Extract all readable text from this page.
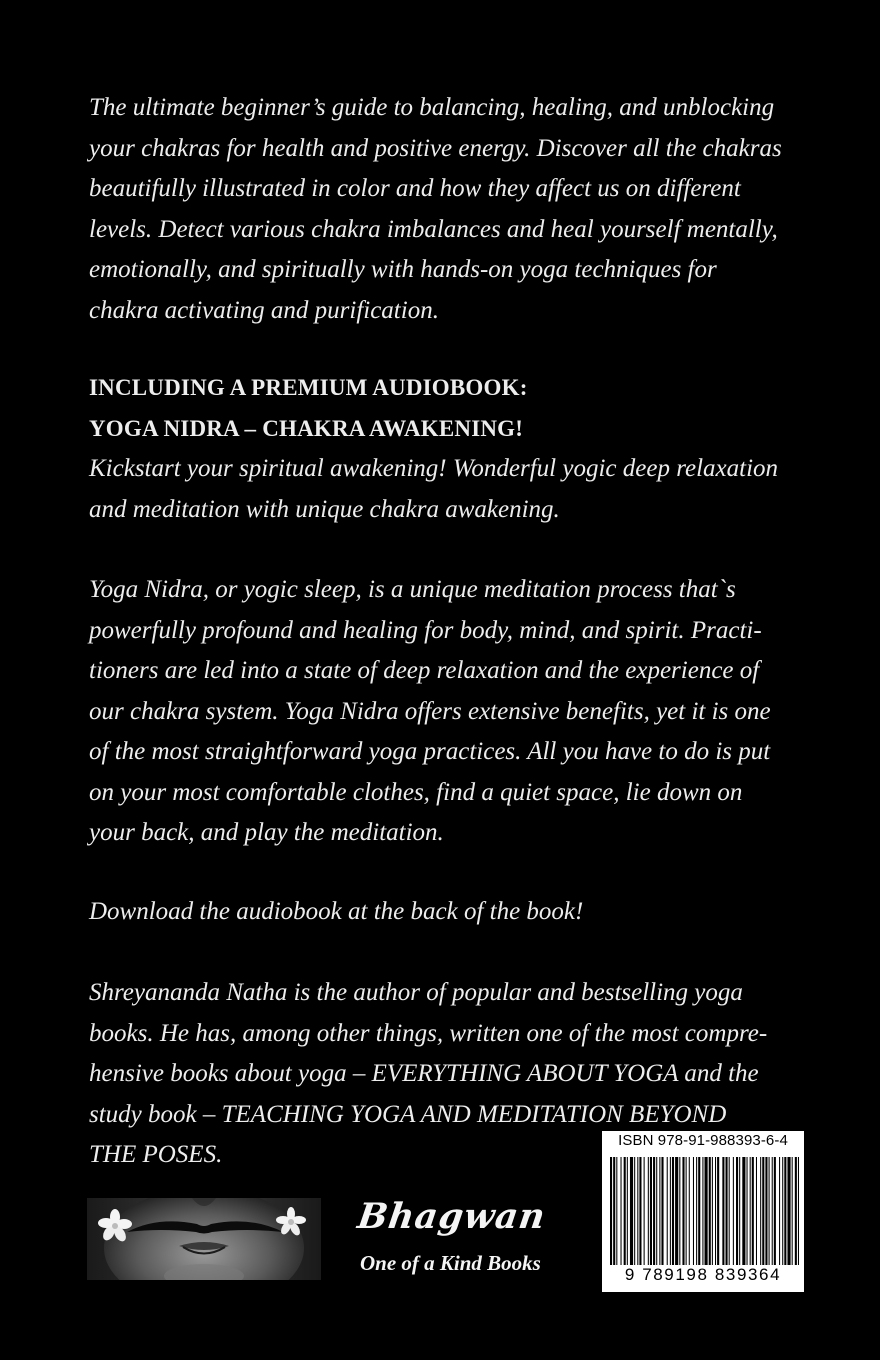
The ultimate beginner’s guide to balancing, healing, and unblocking
your chakras for health and positive energy. Discover all the chakras
beautifully illustrated in color and how they affect us on different
levels. Detect various chakra imbalances and heal yourself mentally,
emotionally, and spiritually with hands-on yoga techniques for
chakra activating and purification.

INCLUDING A PREMIUM AUDIOBOOK:
YOGA NIDRA – CHAKRA AWAKENING!
Kickstart your spiritual awakening! Wonderful yogic deep relaxation
and meditation with unique chakra awakening.

Yoga Nidra, or yogic sleep, is a unique meditation process that`s
powerfully profound and healing for body, mind, and spirit. Practi-
tioners are led into a state of deep relaxation and the experience of
our chakra system. Yoga Nidra offers extensive benefits, yet it is one
of the most straightforward yoga practices. All you have to do is put
on your most comfortable clothes, find a quiet space, lie down on
your back, and play the meditation.

Download the audiobook at the back of the book!

Shreyananda Natha is the author of popular and bestselling yoga
books. He has, among other things, written one of the most compre-
hensive books about yoga – EVERYTHING ABOUT YOGA and the
study book – TEACHING YOGA AND MEDITATION BEYOND
THE POSES.

ISBN 978-91-988393-6-4
9 789198 839364
Bhagwan
One of a Kind Books
